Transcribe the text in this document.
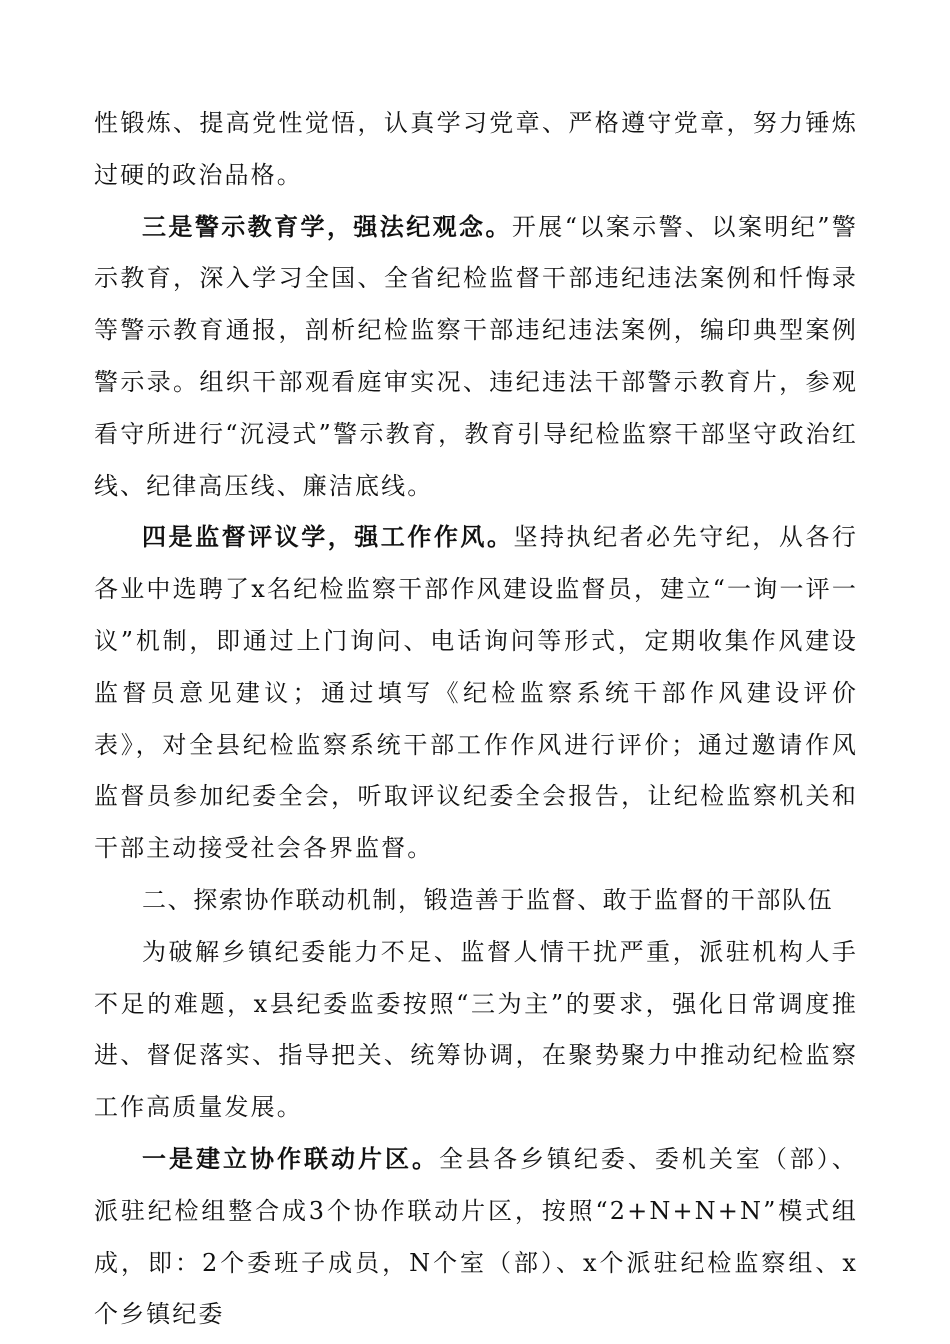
性锻炼、提高党性觉悟，认真学习党章、严格遵守党章，努力锤炼过硬的政治品格。

三是警示教育学，强法纪观念。开展“以案示警、以案明纪”警示教育，深入学习全国、全省纪检监督干部违纪违法案例和忏悔录等警示教育通报，剖析纪检监察干部违纪违法案例，编印典型案例警示录。组织干部观看庭审实况、违纪违法干部警示教育片，参观看守所进行“沉浸式”警示教育，教育引导纪检监察干部坚守政治红线、纪律高压线、廉洁底线。

四是监督评议学，强工作作风。坚持执纪者必先守纪，从各行各业中选聘了x名纪检监察干部作风建设监督员，建立“一询一评一议”机制，即通过上门询问、电话询问等形式，定期收集作风建设监督员意见建议；通过填写《纪检监察系统干部作风建设评价表》，对全县纪检监察系统干部工作作风进行评价；通过邀请作风监督员参加纪委全会，听取评议纪委全会报告，让纪检监察机关和干部主动接受社会各界监督。

二、探索协作联动机制，锻造善于监督、敢于监督的干部队伍

为破解乡镇纪委能力不足、监督人情干扰严重，派驻机构人手不足的难题，x县纪委监委按照“三为主”的要求，强化日常调度推进、督促落实、指导把关、统筹协调，在聚势聚力中推动纪检监察工作高质量发展。

一是建立协作联动片区。全县各乡镇纪委、委机关室（部）、派驻纪检组整合成3个协作联动片区，按照“2+N+N+N”模式组成，即：2个委班子成员，N个室（部）、x个派驻纪检监察组、x个乡镇纪委
